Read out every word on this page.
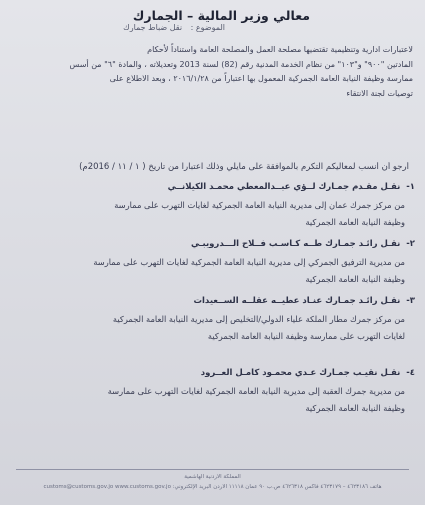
معالي وزير المالية – الجمارك
الموضوع : نقل ضباط جمارك
لاعتبارات ادارية وتنظيمية تقتضيها مصلحة العمل والمصلحة العامة واستناداً لأحكام
المادتين "٩٠٠" و"١٠٣" من نظام الخدمة المدنية رقم (82) لسنة 2013 وتعديلاته ، والمادة "٦" من أسس
ممارسة وظيفة النيابة العامة الجمركية المعمول بها اعتباراً من ٢٠١٦/١/٢٨ ، وبعد الاطلاع على
توصيات لجنة الانتقاء
أرجو أن أنسب لمعاليكم التكرم بالموافقة على مايلي وذلك اعتباراً من تاريخ ( ١ / ١١ / 2016م)
١-نقـل مقـدم جمـارك لــؤي عبــدالمعطي محمـد الكيلانــي
من مركز جمرك عمان إلى مديرية النيابة العامة الجمركية لغايات التهرب على ممارسة
وظيفة النيابة العامة الجمركية
٢-نقـل رائـد جمـارك طــه كـاسـب فــلاح الـــدرويبـي
من مديرية الترفيق الجمركي إلى مديرية النيابة العامة الجمركية لغايات التهرب على ممارسة
وظيفة النيابة العامة الجمركية
٣-نقـل رائـد جمـارك عنـاد عطيــه عقلــه الســعيدات
من مركز جمرك مطار الملكة علياء الدولي/التخليص إلى مديرية النيابة العامة الجمركية
لغايات التهرب على ممارسة وظيفة النيابة العامة الجمركية
٤-نقـل نقيـب جمـارك عـدي محمـود كامـل العــرود
من مديرية جمرك العقبة إلى مديرية النيابة العامة الجمركية لغايات التهرب على ممارسة
وظيفة النيابة العامة الجمركية
المملكة الأردنية الهاشمية
هاتف ٤٦٢٣١٨٦ – ٤٦٢٣١٧٩ فاكس ٤٦٢٦٣١٨ ص.ب ٩٠ عمان ١١١١٨ الأردن البريد الإلكتروني: customs@customs.gov.jo www.customs.gov.jo
